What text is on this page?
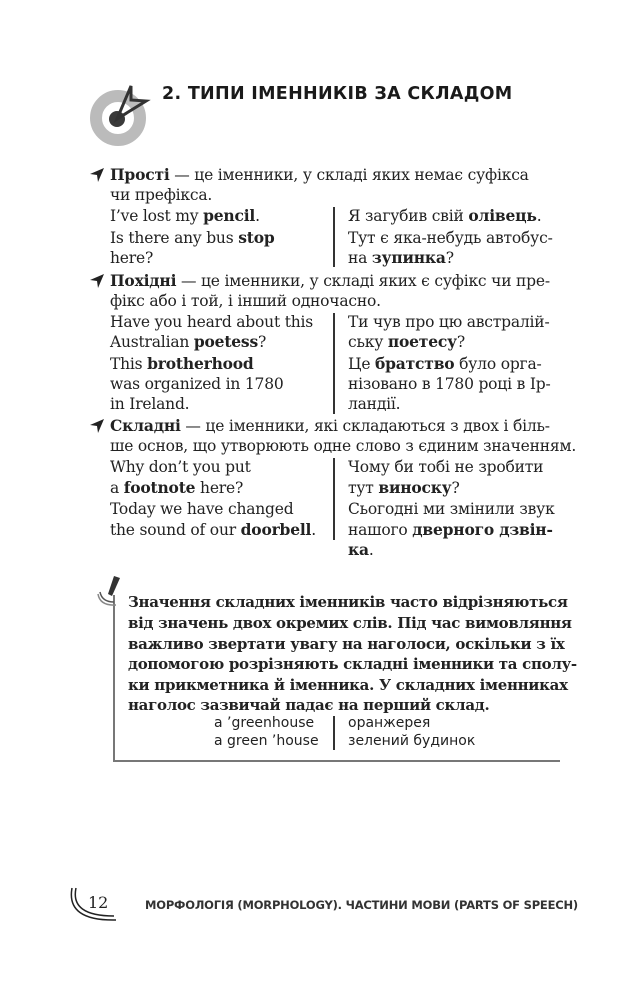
2. ТИПИ ІМЕННИКІВ ЗА СКЛАДОМ
Прості — це іменники, у складі яких немає суфікса
чи префікса.
I’ve lost my pencil.	Я загубив свій олівець.
Is there any bus stop	Тут є яка-небудь автобус-
here?	на зупинка?
Похідні — це іменники, у складі яких є суфікс чи пре-
фікс або і той, і інший одночасно.
Have you heard about this Ти чув про цю австралій-
Australian poetess?	ську поетесу?
This brotherhood	Це братство було орга-
was organized in 1780	нізовано в 1780 році в Ір-
in Ireland.	ландії.
Складні — це іменники, які складаються з двох і біль-
ше основ, що утворюють одне слово з єдиним значенням.
Why don’t you put	Чому би тобі не зробити
a footnote here?	тут виноску?
Today we have changed	Сьогодні ми змінили звук
the sound of our doorbell. нашого дверного дзвін-
ка.
Значення складних іменників часто відрізняються
від значень двох окремих слів. Під час вимовляння
важливо звертати увагу на наголоси, оскільки з їх
допомогою розрізняють складні іменники та сполу-
ки прикметника й іменника. У складних іменниках
наголос зазвичай падає на перший склад.
a ’greenhouse оранжерея
a green ’house зелений будинок
12	МОРФОЛОГІЯ (MORPHOLOGY). ЧАСТИНИ МОВИ (PARTS OF SPEECH)
